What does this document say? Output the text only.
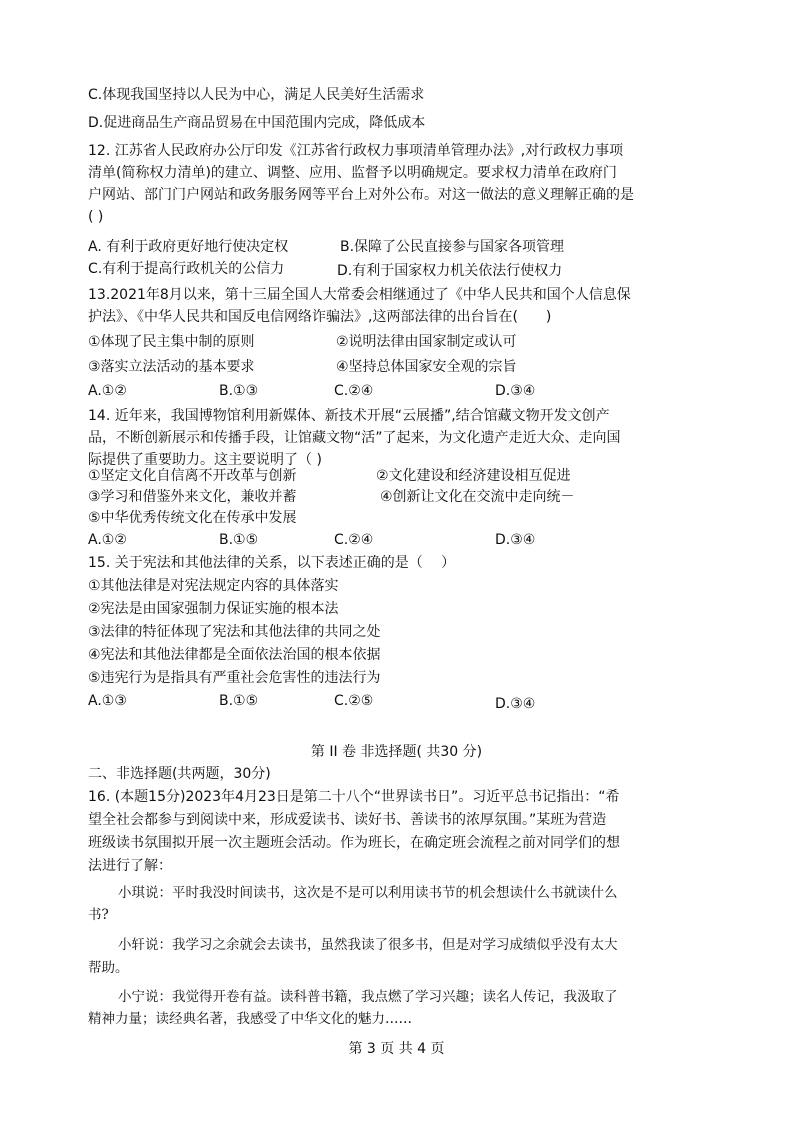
C.体现我国坚持以人民为中心，满足人民美好生活需求
D.促进商品生产商品贸易在中国范围内完成，降低成本
12. 江苏省人民政府办公厅印发《江苏省行政权力事项清单管理办法》,对行政权力事项
清单(简称权力清单)的建立、调整、应用、监督予以明确规定。要求权力清单在政府门
户网站、部门门户网站和政务服务网等平台上对外公布。对这一做法的意义理解正确的是
( )
A. 有利于政府更好地行使决定权	B.保障了公民直接参与国家各项管理
C.有利于提高行政机关的公信力	D.有利于国家权力机关依法行使权力
13.2021年8月以来，第十三届全国人大常委会相继通过了《中华人民共和国个人信息保
护法》、《中华人民共和国反电信网络诈骗法》,这两部法律的出台旨在(　　)
①体现了民主集中制的原则	②说明法律由国家制定或认可
③落实立法活动的基本要求	④坚持总体国家安全观的宗旨
A.①②	B.①③	C.②④	D.③④
14. 近年来，我国博物馆利用新媒体、新技术开展“云展播”,结合馆藏文物开发文创产
品，不断创新展示和传播手段，让馆藏文物“活”了起来，为文化遗产走近大众、走向国
际提供了重要助力。这主要说明了（ )
①坚定文化自信离不开改革与创新	②文化建设和经济建设相互促进
③学习和借鉴外来文化，兼收并蓄	④创新让文化在交流中走向统－
⑤中华优秀传统文化在传承中发展
A.①②	B.①⑤	C.②④	D.③④
15. 关于宪法和其他法律的关系，以下表述正确的是（　 ）
①其他法律是对宪法规定内容的具体落实
②宪法是由国家强制力保证实施的根本法
③法律的特征体现了宪法和其他法律的共同之处
④宪法和其他法律都是全面依法治国的根本依据
⑤违宪行为是指具有严重社会危害性的违法行为
A.①③	B.①⑤	C.②⑤	D.③④
第 II 卷 非选择题( 共30 分)
二、非选择题(共两题，30分)
16. (本题15分)2023年4月23日是第二十八个“世界读书日”。习近平总书记指出：“希
望全社会都参与到阅读中来，形成爱读书、读好书、善读书的浓厚氛围。”某班为营造
班级读书氛围拟开展一次主题班会活动。作为班长，在确定班会流程之前对同学们的想
法进行了解：
小琪说：平时我没时间读书，这次是不是可以利用读书节的机会想读什么书就读什么
书?
小轩说：我学习之余就会去读书，虽然我读了很多书，但是对学习成绩似乎没有太大
帮助。
小宁说：我觉得开卷有益。读科普书籍，我点燃了学习兴趣；读名人传记，我汲取了
精神力量；读经典名著，我感受了中华文化的魅力……
第 3 页 共 4 页
